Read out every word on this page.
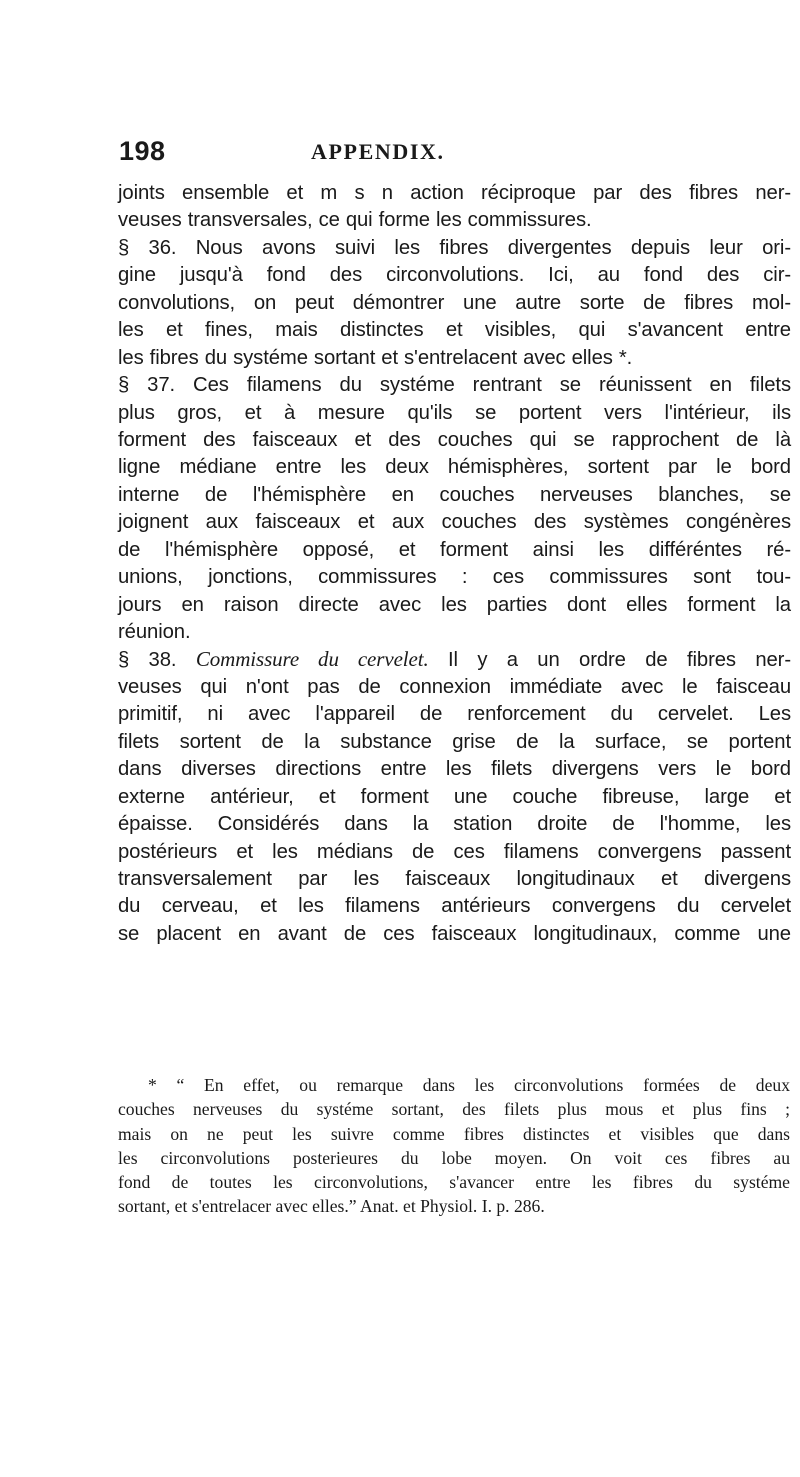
198	APPENDIX.
joints ensemble et m s n action réciproque par des fibres ner-
veuses transversales, ce qui forme les commissures.
§ 36. Nous avons suivi les fibres divergentes depuis leur ori-
gine jusqu'à fond des circonvolutions. Ici, au fond des cir-
convolutions, on peut démontrer une autre sorte de fibres mol-
les et fines, mais distinctes et visibles, qui s'avancent entre
les fibres du systéme sortant et s'entrelacent avec elles *.
§ 37. Ces filamens du systéme rentrant se réunissent en filets
plus gros, et à mesure qu'ils se portent vers l'intérieur, ils
forment des faisceaux et des couches qui se rapprochent de là
ligne médiane entre les deux hémisphères, sortent par le bord
interne de l'hémisphère en couches nerveuses blanches, se
joignent aux faisceaux et aux couches des systèmes congénères
de l'hémisphère opposé, et forment ainsi les différéntes ré-
unions, jonctions, commissures : ces commissures sont tou-
jours en raison directe avec les parties dont elles forment la
réunion.
§ 38. Commissure du cervelet. Il y a un ordre de fibres ner-
veuses qui n'ont pas de connexion immédiate avec le faisceau
primitif, ni avec l'appareil de renforcement du cervelet. Les
filets sortent de la substance grise de la surface, se portent
dans diverses directions entre les filets divergens vers le bord
externe antérieur, et forment une couche fibreuse, large et
épaisse. Considérés dans la station droite de l'homme, les
postérieurs et les médians de ces filamens convergens passent
transversalement par les faisceaux longitudinaux et divergens
du cerveau, et les filamens antérieurs convergens du cervelet
se placent en avant de ces faisceaux longitudinaux, comme une
* “ En effet, ou remarque dans les circonvolutions formées de deux
couches nerveuses du systéme sortant, des filets plus mous et plus fins ;
mais on ne peut les suivre comme fibres distinctes et visibles que dans
les circonvolutions posterieures du lobe moyen. On voit ces fibres au
fond de toutes les circonvolutions, s'avancer entre les fibres du systéme
sortant, et s'entrelacer avec elles.” Anat. et Physiol. I. p. 286.
